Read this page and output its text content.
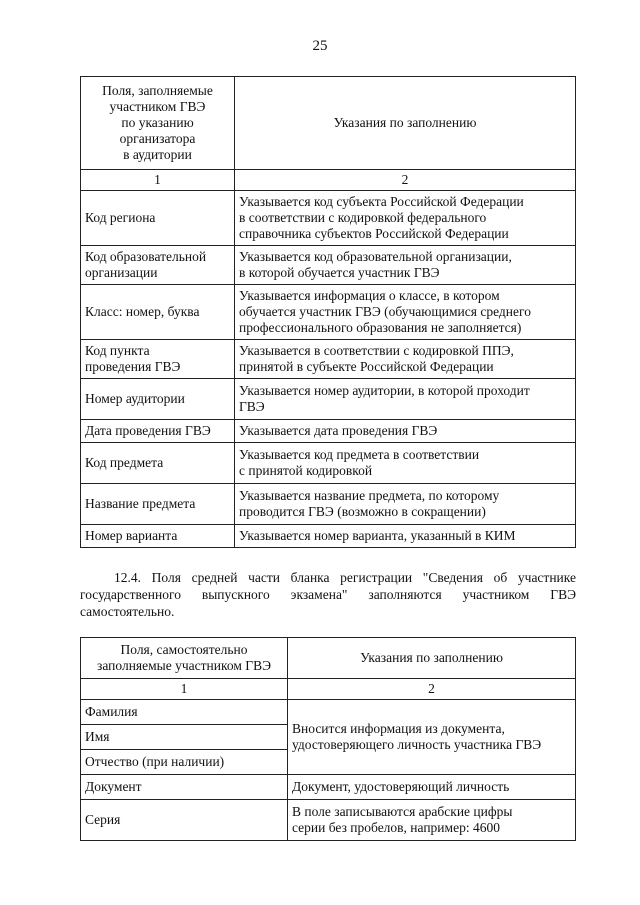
25
Поля, заполняемые
участником ГВЭ
по указанию
организатора
в аудитории	Указания по заполнению
1	2
Код региона	Указывается код субъекта Российской Федерации
в соответствии с кодировкой федерального
справочника субъектов Российской Федерации
Код образовательной
организации	Указывается код образовательной организации,
в которой обучается участник ГВЭ
Класс: номер, буква	Указывается информация о классе, в котором
обучается участник ГВЭ (обучающимися среднего
профессионального образования не заполняется)
Код пункта
проведения ГВЭ	Указывается в соответствии с кодировкой ППЭ,
принятой в субъекте Российской Федерации
Номер аудитории	Указывается номер аудитории, в которой проходит
ГВЭ
Дата проведения ГВЭ	Указывается дата проведения ГВЭ
Код предмета	Указывается код предмета в соответствии
с принятой кодировкой
Название предмета	Указывается название предмета, по которому
проводится ГВЭ (возможно в сокращении)
Номер варианта	Указывается номер варианта, указанный в КИМ
12.4. Поля средней части бланка регистрации "Сведения об участнике государственного выпускного экзамена" заполняются участником ГВЭ самостоятельно.
Поля, самостоятельно
заполняемые участником ГВЭ	Указания по заполнению
1	2
Фамилия	Вносится информация из документа,
удостоверяющего личность участника ГВЭ
Имя	
Отчество (при наличии)	
Документ	Документ, удостоверяющий личность
Серия	В поле записываются арабские цифры
серии без пробелов, например: 4600
